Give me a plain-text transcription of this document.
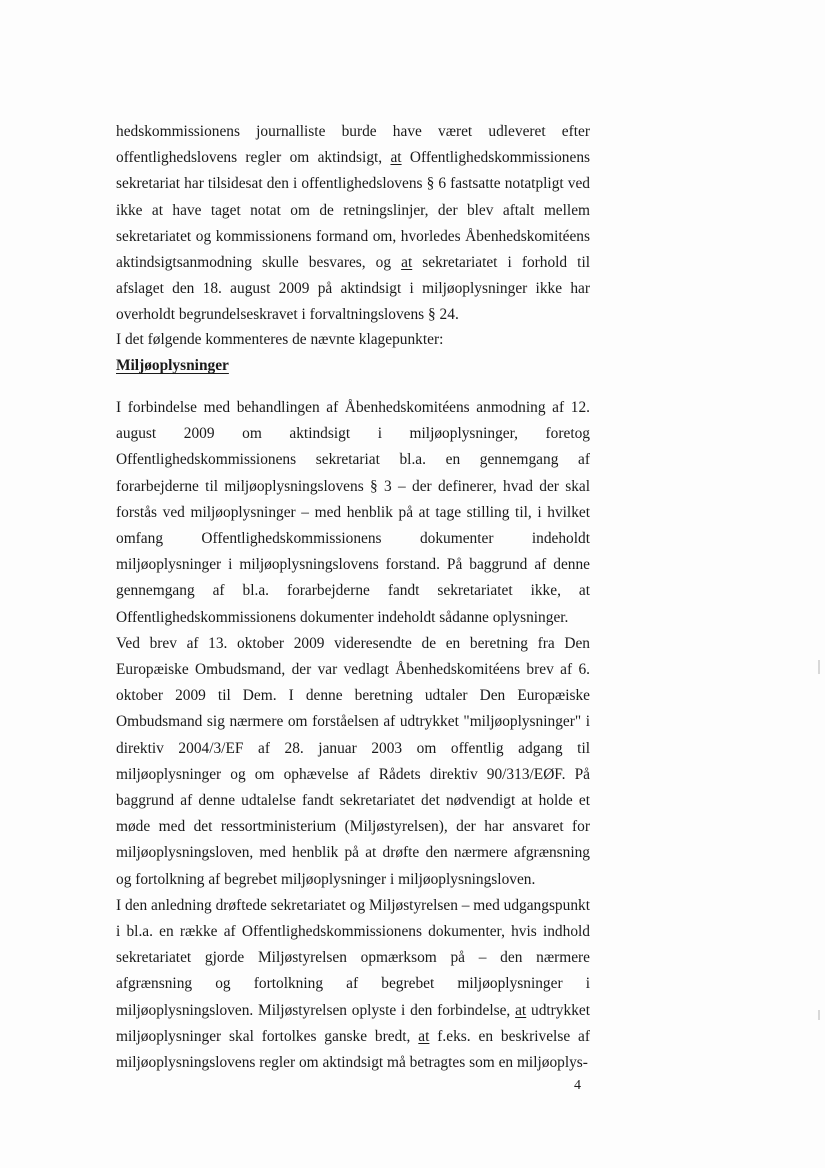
hedskommissionens journalliste burde have været udleveret efter offentlighedslovens regler om aktindsigt, at Offentlighedskommissionens sekretariat har tilsidesat den i offentlighedslovens § 6 fastsatte notatpligt ved ikke at have taget notat om de retningslinjer, der blev aftalt mellem sekretariatet og kommissionens formand om, hvorledes Åbenhedskomitéens aktindsigtsanmodning skulle besvares, og at sekretariatet i forhold til afslaget den 18. august 2009 på aktindsigt i miljøoplysninger ikke har overholdt begrundelseskravet i forvaltningslovens § 24.

I det følgende kommenteres de nævnte klagepunkter:

Miljøoplysninger

I forbindelse med behandlingen af Åbenhedskomitéens anmodning af 12. august 2009 om aktindsigt i miljøoplysninger, foretog Offentlighedskommissionens sekretariat bl.a. en gennemgang af forarbejderne til miljøoplysningslovens § 3 – der definerer, hvad der skal forstås ved miljøoplysninger – med henblik på at tage stilling til, i hvilket omfang Offentlighedskommissionens dokumenter indeholdt miljøoplysninger i miljøoplysningslovens forstand. På baggrund af denne gennemgang af bl.a. forarbejderne fandt sekretariatet ikke, at Offentlighedskommissionens dokumenter indeholdt sådanne oplysninger.

Ved brev af 13. oktober 2009 videresendte de en beretning fra Den Europæiske Ombudsmand, der var vedlagt Åbenhedskomitéens brev af 6. oktober 2009 til Dem. I denne beretning udtaler Den Europæiske Ombudsmand sig nærmere om forståelsen af udtrykket "miljøoplysninger" i direktiv 2004/3/EF af 28. januar 2003 om offentlig adgang til miljøoplysninger og om ophævelse af Rådets direktiv 90/313/EØF. På baggrund af denne udtalelse fandt sekretariatet det nødvendigt at holde et møde med det ressortministerium (Miljøstyrelsen), der har ansvaret for miljøoplysningsloven, med henblik på at drøfte den nærmere afgrænsning og fortolkning af begrebet miljøoplysninger i miljøoplysningsloven.

I den anledning drøftede sekretariatet og Miljøstyrelsen – med udgangspunkt i bl.a. en række af Offentlighedskommissionens dokumenter, hvis indhold sekretariatet gjorde Miljøstyrelsen opmærksom på – den nærmere afgrænsning og fortolkning af begrebet miljøoplysninger i miljøoplysningsloven. Miljøstyrelsen oplyste i den forbindelse, at udtrykket miljøoplysninger skal fortolkes ganske bredt, at f.eks. en beskrivelse af miljøoplysningslovens regler om aktindsigt må betragtes som en miljøoplys-

4
